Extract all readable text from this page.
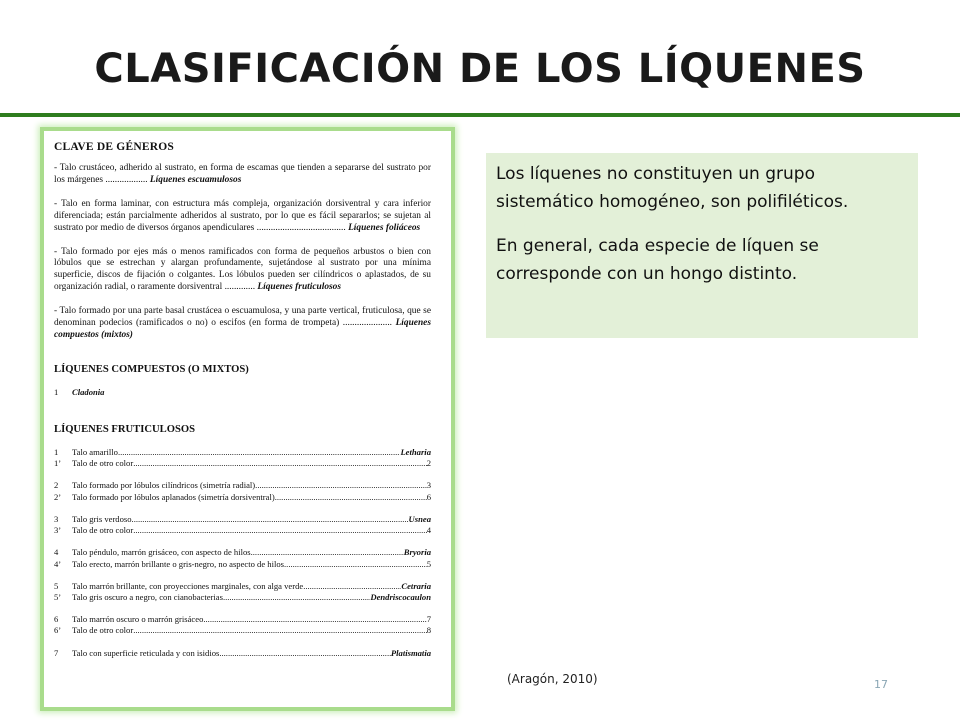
CLASIFICACIÓN DE LOS LÍQUENES
CLAVE DE GÉNEROS
- Talo crustáceo, adherido al sustrato, en forma de escamas que tienden a separarse del sustrato por los márgenes .................. Líquenes escuamulosos
- Talo en forma laminar, con estructura más compleja, organización dorsiventral y cara inferior diferenciada; están parcialmente adheridos al sustrato, por lo que es fácil separarlos; se sujetan al sustrato por medio de diversos órganos apendiculares ...................................... Líquenes foliáceos
- Talo formado por ejes más o menos ramificados con forma de pequeños arbustos o bien con lóbulos que se estrechan y alargan profundamente, sujetándose al sustrato por una mínima superficie, discos de fijación o colgantes. Los lóbulos pueden ser cilíndricos o aplastados, de su organización radial, o raramente dorsiventral ............. Líquenes fruticulosos
- Talo formado por una parte basal crustácea o escuamulosa, y una parte vertical, fruticulosa, que se denominan podecios (ramificados o no) o escifos (en forma de trompeta) ..................... Líquenes compuestos (mixtos)
LÍQUENES COMPUESTOS (O MIXTOS)
1	Cladonia
LÍQUENES FRUTICULOSOS
1	Talo amarillo .....	Letharia
1’	Talo de otro color .....	2
2	Talo formado por lóbulos cilíndricos (simetría radial) .....	3
2’	Talo formado por lóbulos aplanados (simetría dorsiventral) .....	6
3	Talo gris verdoso .....	Usnea
3’	Talo de otro color .....	4
4	Talo péndulo, marrón grisáceo, con aspecto de hilos .....	Bryoria
4’	Talo erecto, marrón brillante o gris-negro, no aspecto de hilos .....	5
5	Talo marrón brillante, con proyecciones marginales, con alga verde .....	Cetraria
5’	Talo gris oscuro a negro, con cianobacterias .....	Dendriscocaulon
6	Talo marrón oscuro o marrón grisáceo .....	7
6’	Talo de otro color .....	8
7	Talo con superficie reticulada y con isidios .....	Platismatia
Los líquenes no constituyen un grupo sistemático homogéneo, son polifiléticos.
En general, cada especie de líquen se corresponde con un hongo distinto.
(Aragón, 2010)	17
